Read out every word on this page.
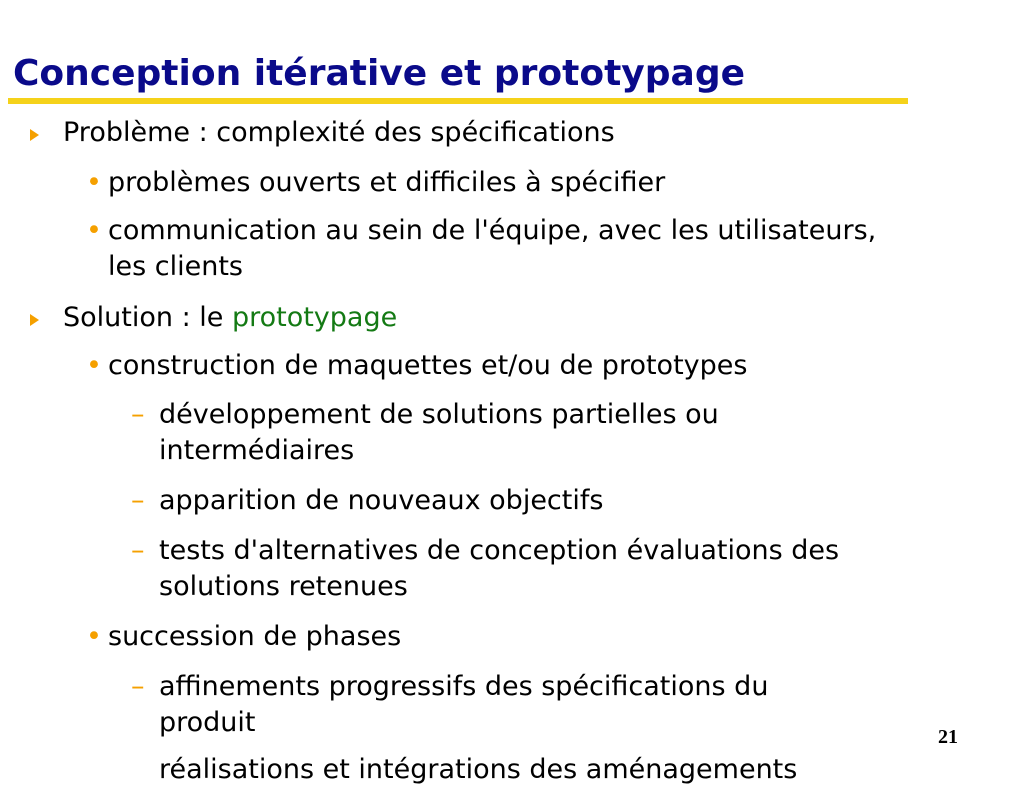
Conception itérative et prototypage
Problème : complexité des spécifications
• problèmes ouverts et difficiles à spécifier
• communication au sein de l'équipe, avec les utilisateurs,
les clients
Solution : le prototypage
• construction de maquettes et/ou de prototypes
– développement de solutions partielles ou
intermédiaires
– apparition de nouveaux objectifs
– tests d'alternatives de conception évaluations des
solutions retenues
• succession de phases
– affinements progressifs des spécifications du
produit
réalisations et intégrations des aménagements
21
